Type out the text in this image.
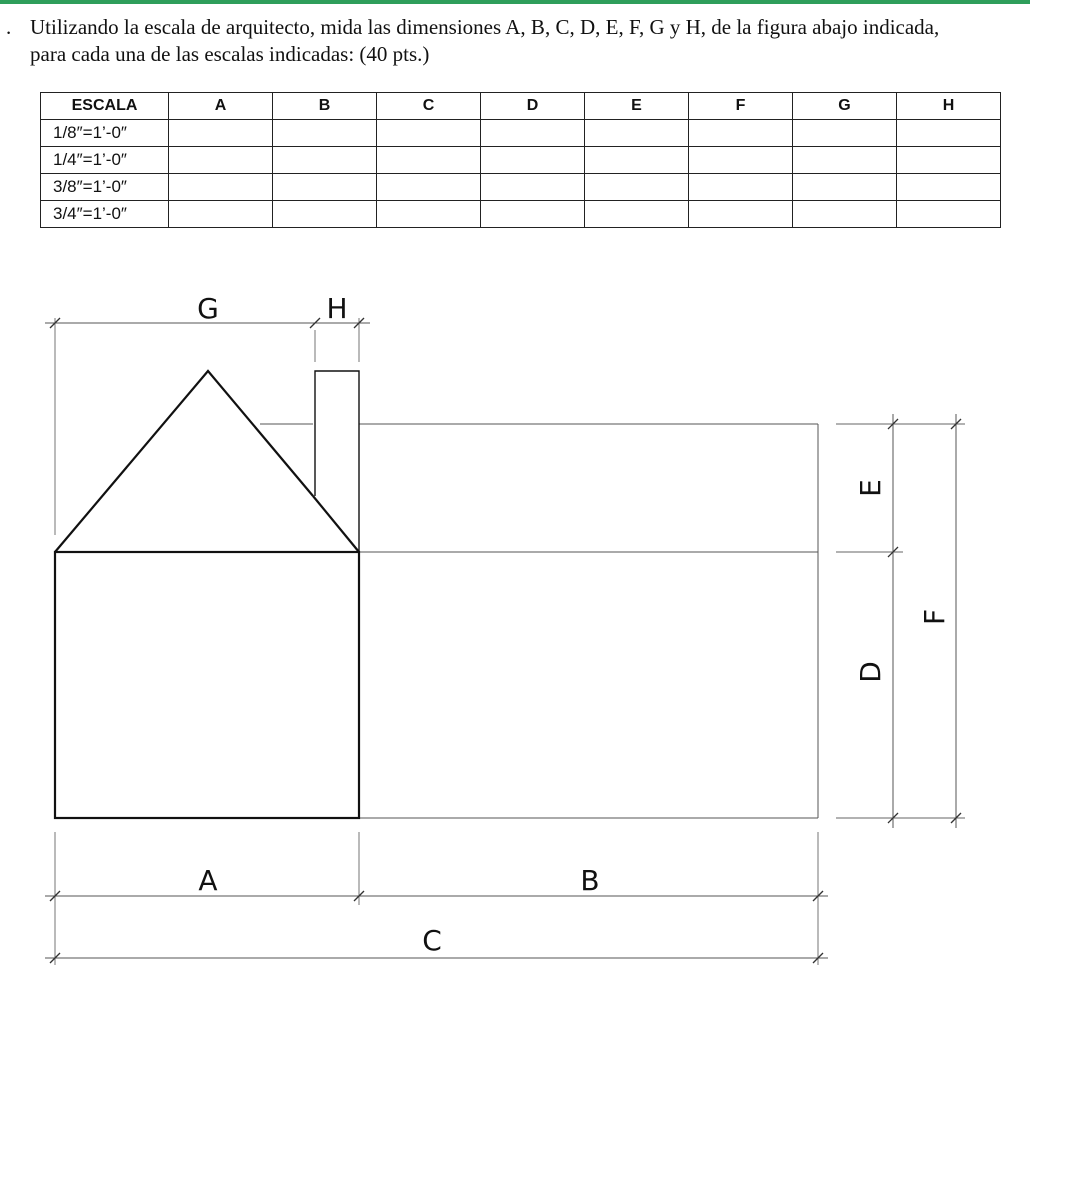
. Utilizando la escala de arquitecto, mida las dimensiones A, B, C, D, E, F, G y H, de la figura abajo indicada,
para cada una de las escalas indicadas: (40 pts.)
ESCALA	A	B	C	D	E	F	G	H
1/8″=1’-0″								
1/4″=1’-0″								
3/8″=1’-0″								
3/4″=1’-0″								
G	H
A	B
C
E
D
F
